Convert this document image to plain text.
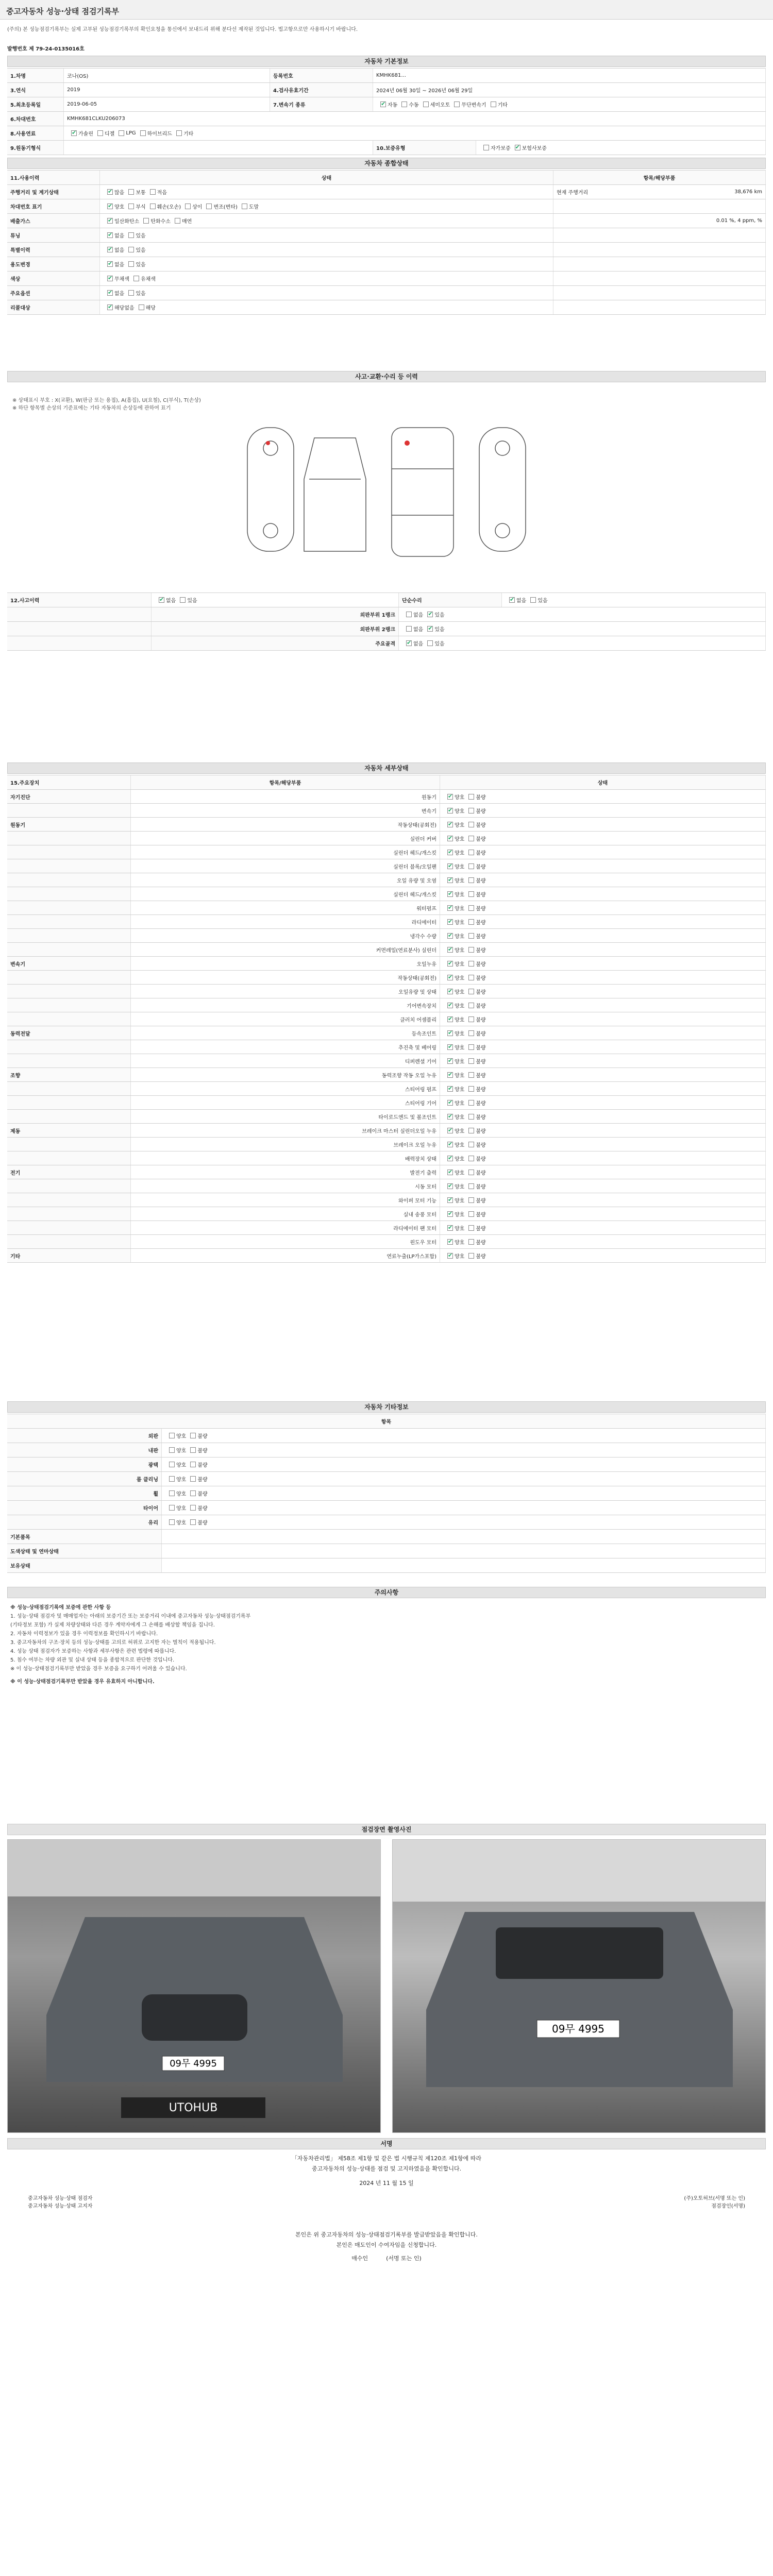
중고자동차 성능·상태 점검기록부
(주의) 본 성능점검기록부는 실제 고부된 성능점검기록부의 확인요청을 통신에서 보내드리 위해 분다선 제작된 것입니다. 법고항으로만 사용하시기 바랍니다.
발행번호 제 79-24-0135016호
자동차 기본정보
1.차명	코나(OS)	등록번호	KMHK681...
3.연식	2019	4.검사유효기간	2024년 06월 30일 ~ 2026년 06월 29일
5.최초등록일	2019-06-05	7.변속기 종류 ✔	자동 수동 세미오토 무단변속기 기타
6.차대번호	KMHK681CLKU206073
8.사용연료 ✔	가솔린 디젤 LPG 하이브리드 기타
9.원동기형식	10.보증유형	자가보증 ✔ 보험사보증
자동차 종합상태
11.사용이력	상태	항목/해당부품
주행거리 및 계기상태 ✔	많음 보통 적음	현재 주행거리	38,676 km
차대번호 표기 ✔	양호 부식 훼손(오손) 상이 변조(변타) 도말
배출가스 ✔	일산화탄소 탄화수소 매연	0.01 %, 4 ppm, %
튜닝 ✔	없음 있음
특별이력 ✔	없음 있음
용도변경 ✔	없음 있음
색상 ✔	무채색 유채색
주요옵션 ✔	없음 있음
리콜대상 ✔	해당없음 해당
사고·교환·수리 등 이력
※ 상태표시 부호 : X(교환), W(판금 또는 용접), A(흠집), U(요철), C(부식), T(손상)
※ 하단 항목별 손상의 기준표에는 기타 자동차의 손상등에 관하여 표기
12.사고이력 ✔	없음 있음	단순수리 ✔	없음 있음
외판부위 1랭크	없음 ✔ 있음
외판부위 2랭크	없음 ✔ 있음
주요골격 ✔	없음 있음
자동차 세부상태
15.주요장치	항목/해당부품	상태
자기진단	원동기 ✔	양호 불량
변속기 ✔	양호 불량
원동기	작동상태(공회전) ✔	양호 불량
실린더 커버 ✔	양호 불량
실린더 헤드/개스킷 ✔	양호 불량
실린더 블록/오일팬 ✔	양호 불량
오일 유량 및 오염 ✔	양호 불량
실린더 헤드/개스킷 ✔	양호 불량
워터펌프 ✔	양호 불량
라디에이터 ✔	양호 불량
냉각수 수량 ✔	양호 불량
커먼레일(연료분사) 실린더 ✔	양호 불량
변속기	오일누유 ✔	양호 불량
작동상태(공회전) ✔	양호 불량
오일유량 및 상태 ✔	양호 불량
기어변속장치 ✔	양호 불량
클러치 어셈블리 ✔	양호 불량
동력전달	등속조인트 ✔	양호 불량
추진축 및 베어링 ✔	양호 불량
디퍼렌셜 기어 ✔	양호 불량
조향	동력조향 작동 오일 누유 ✔	양호 불량
스티어링 펌프 ✔	양호 불량
스티어링 기어 ✔	양호 불량
타이로드엔드 및 볼조인트 ✔	양호 불량
제동	브레이크 마스터 실린더오일 누유 ✔	양호 불량
브레이크 오일 누유 ✔	양호 불량
배력장치 상태 ✔	양호 불량
전기	발전기 출력 ✔	양호 불량
시동 모터 ✔	양호 불량
와이퍼 모터 기능 ✔	양호 불량
실내 송풍 모터 ✔	양호 불량
라디에이터 팬 모터 ✔	양호 불량
윈도우 모터 ✔	양호 불량
기타	연료누출(LP가스포함) ✔	양호 불량
자동차 기타정보
항목
외판	양호 불량
내판	양호 불량
광택	양호 불량
룸 클리닝	양호 불량
휠	양호 불량
타이어	양호 불량
유리	양호 불량
기본품목
도색상태 및 연마상태
보유상태
주의사항
※ 성능·상태점검기록에 보증에 관한 사항 등
1. 성능·상태 점검자 및 매매업자는 아래의 보증기간 또는 보증거리 이내에 중고자동차 성능·상태점검기록부
(기타정보 포함) 가 실제 차량상태와 다른 경우 계약자에게 그 손해를 배상할 책임을 집니다.
2. 자동차 이력정보가 있을 경우 이력정보를 확인하시기 바랍니다.
3. 중고자동차의 구조·장치 등의 성능·상태를 고의로 허위로 고지한 자는 벌칙이 적용됩니다.
4. 성능 상태 점검자가 보증하는 사항과 세부사항은 관련 법령에 따릅니다.
5. 침수 여부는 차량 외관 및 실내 상태 등을 종합적으로 판단한 것입니다.
※ 이 성능·상태점검기록부만 받았을 경우 보증을 요구하기 어려울 수 있습니다.
※ 이 성능·상태점검기록부만 받았을 경우 유효하지 아니합니다.
점검장면 촬영사진
09무 4995
UTOHUB
09무 4995
서명

「자동차관리법」 제58조 제1항 및 같은 법 시행규칙 제120조 제1항에 따라

중고자동차의 성능·상태를 점검 및 고지하였음을 확인합니다.

2024 년 11 월 15 일

중고자동차 성능·상태 점검자
중고자동차 성능·상태 고지자
(주)오토허브(서명 또는 인)
점검장인(서명)

본인은 위 중고자동차의 성능·상태점검기록부를 발급받았음을 확인합니다.

본인은 매도인이 수여자임을 신청합니다.

매수인	(서명 또는 인)
